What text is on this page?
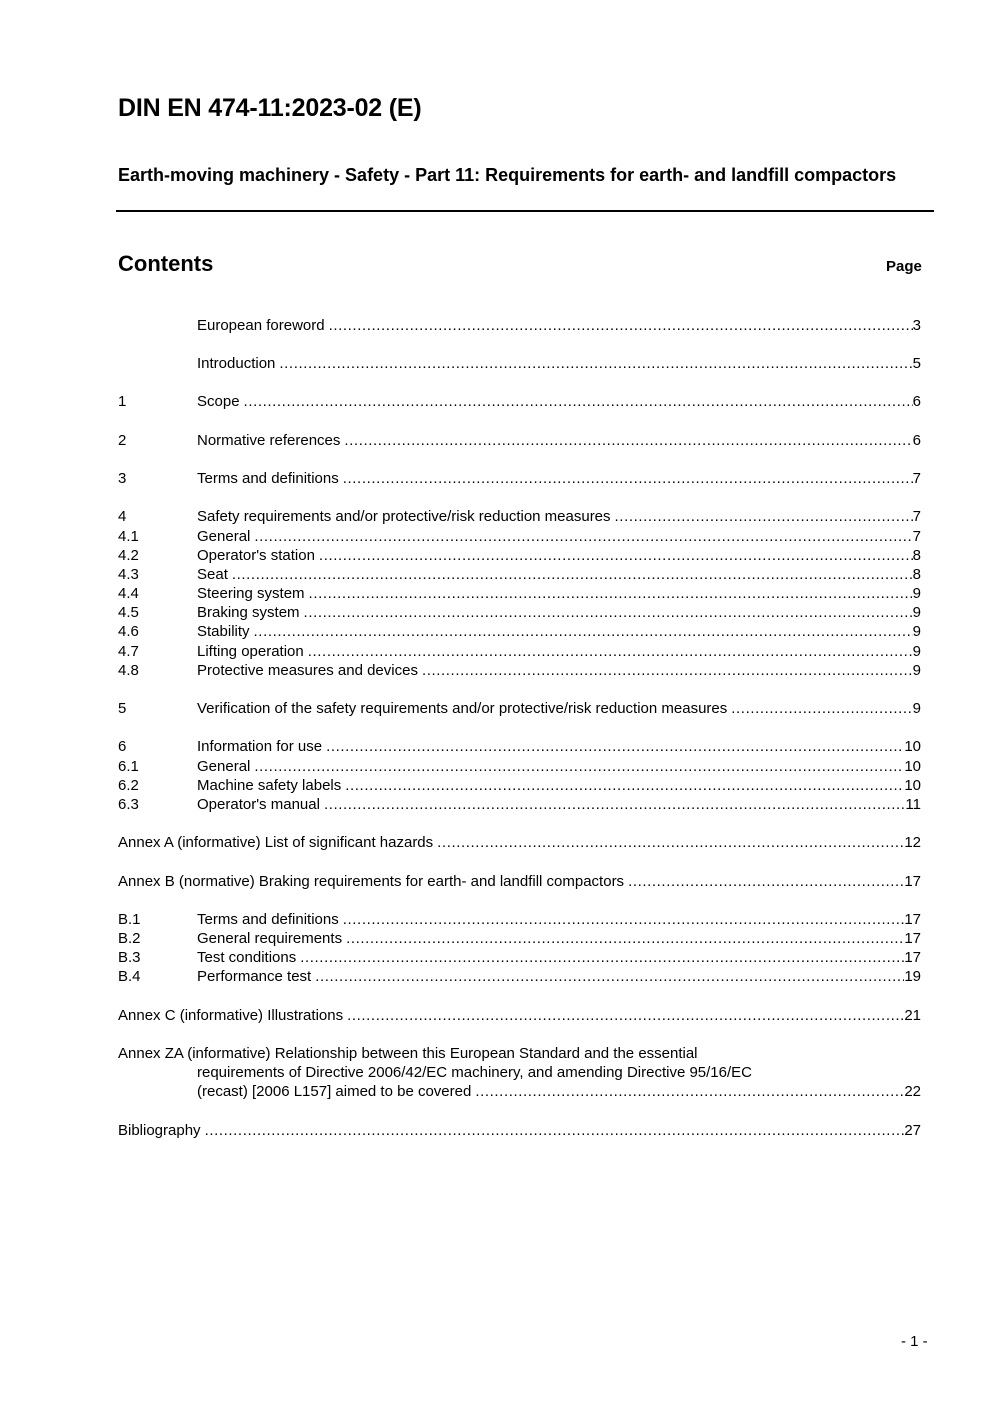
DIN EN 474-11:2023-02 (E)
Earth-moving machinery - Safety - Part 11: Requirements for earth- and landfill compactors
Contents	Page
European foreword .....	3
Introduction .....	5
1	Scope .....	6
2	Normative references .....	6
3	Terms and definitions .....	7
4	Safety requirements and/or protective/risk reduction measures .....	7
4.1	General .....	7
4.2	Operator's station .....	8
4.3	Seat .....	8
4.4	Steering system .....	9
4.5	Braking system .....	9
4.6	Stability .....	9
4.7	Lifting operation .....	9
4.8	Protective measures and devices .....	9
5	Verification of the safety requirements and/or protective/risk reduction measures .....	9
6	Information for use .....	10
6.1	General .....	10
6.2	Machine safety labels .....	10
6.3	Operator's manual .....	11
Annex A (informative) List of significant hazards .....	12
Annex B (normative) Braking requirements for earth- and landfill compactors .....	17
B.1	Terms and definitions .....	17
B.2	General requirements .....	17
B.3	Test conditions .....	17
B.4	Performance test .....	19
Annex C (informative) Illustrations .....	21
Annex ZA (informative) Relationship between this European Standard and the essential
requirements of Directive 2006/42/EC machinery, and amending Directive 95/16/EC
(recast) [2006 L157] aimed to be covered .....	22
Bibliography .....	27
- 1 -
